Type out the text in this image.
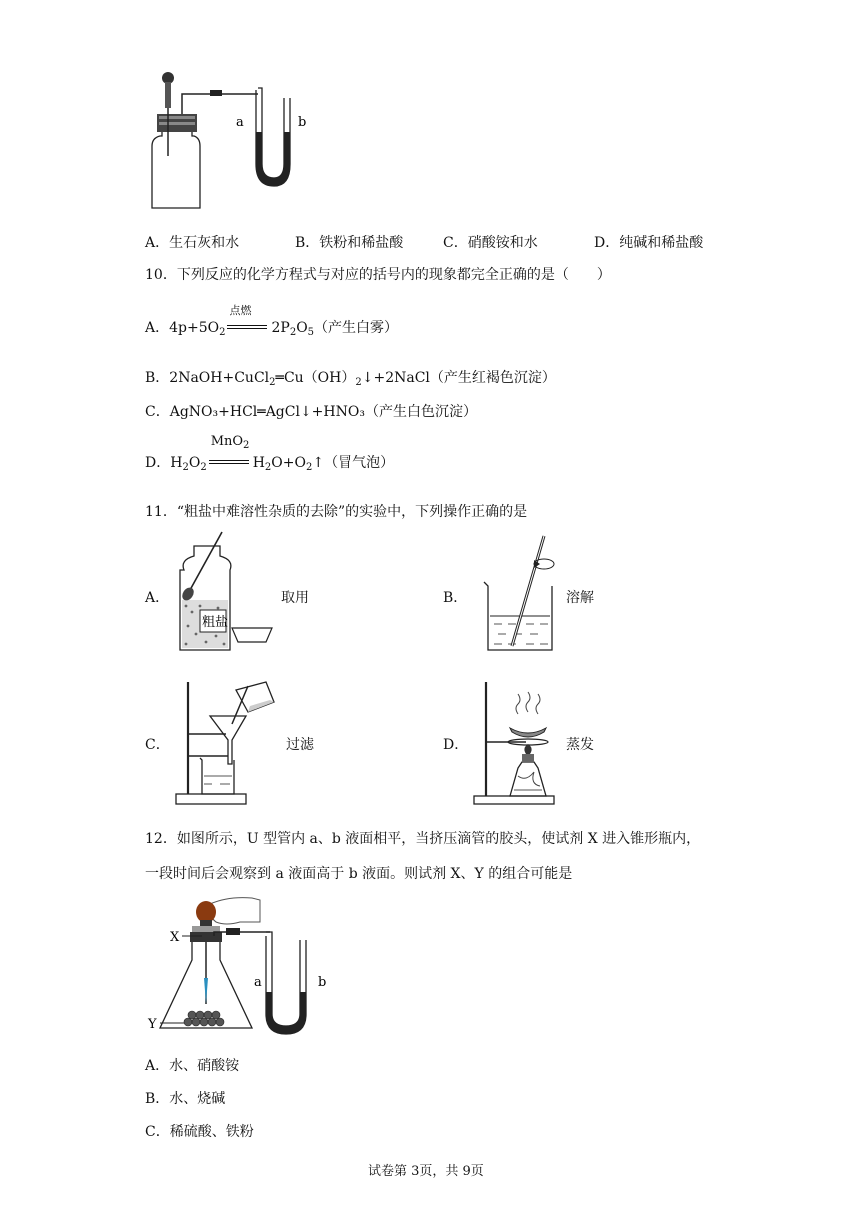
a	b
A．生石灰和水	B．铁粉和稀盐酸	C．硝酸铵和水	D．纯碱和稀盐酸
10．下列反应的化学方程式与对应的括号内的现象都完全正确的是（　　）
A．$4p+5O_2$
点燃
$2P_2O_5$（产生白雾）
B．$2NaOH+CuCl_2═Cu(OH)_2↓+2NaCl$（产生红褐色沉淀）
C．AgNO₃+HCl═AgCl↓+HNO₃（产生白色沉淀）
D．$H_2O_2$
MnO$_2$
$H_2O+O_2↑$（冒气泡）
11．“粗盐中难溶性杂质的去除”的实验中，下列操作正确的是
A．
粗盐
取用	B．	溶解
C．	过滤	D．	蒸发
12．如图所示，U 型管内 a、b 液面相平，当挤压滴管的胶头，使试剂 X 进入锥形瓶内，
一段时间后会观察到 a 液面高于 b 液面。则试剂 X、Y 的组合可能是
X
Y
a	b
A．水、硝酸铵
B．水、烧碱
C．稀硫酸、铁粉
试卷第 3页，共 9页
